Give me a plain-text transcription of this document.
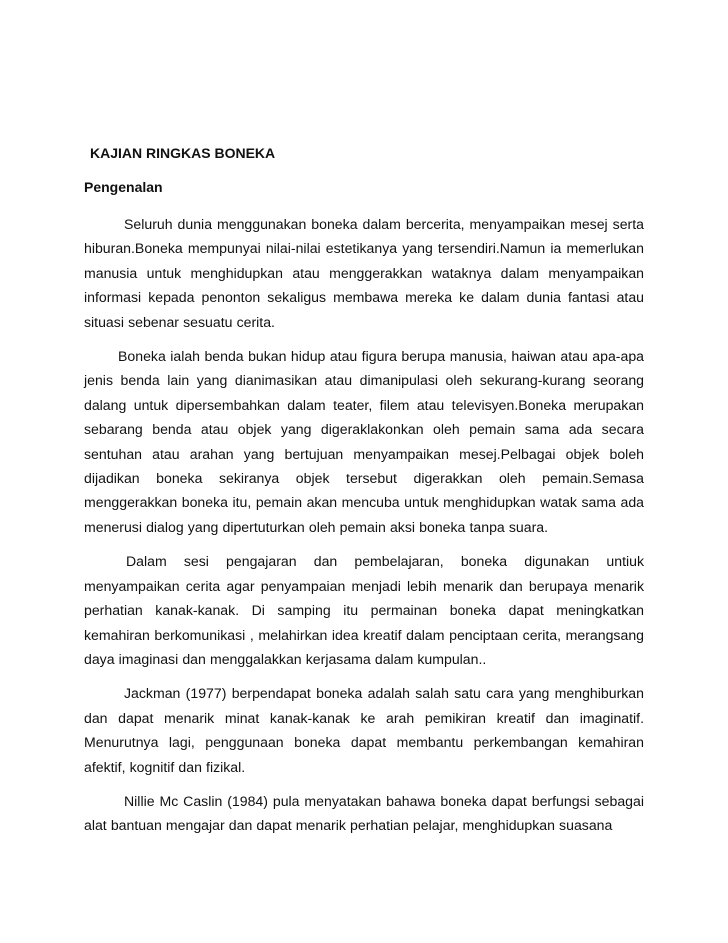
KAJIAN RINGKAS BONEKA
Pengenalan

Seluruh dunia menggunakan boneka dalam bercerita, menyampaikan mesej serta hiburan.Boneka mempunyai nilai-nilai estetikanya yang tersendiri.Namun ia memerlukan manusia untuk menghidupkan atau menggerakkan wataknya dalam menyampaikan informasi kepada penonton sekaligus membawa mereka ke dalam dunia fantasi atau situasi sebenar sesuatu cerita.

Boneka ialah benda bukan hidup atau figura berupa manusia, haiwan atau apa-apa jenis benda lain yang dianimasikan atau dimanipulasi oleh sekurang-kurang seorang dalang untuk dipersembahkan dalam teater, filem atau televisyen.Boneka merupakan sebarang benda atau objek yang digeraklakonkan oleh pemain sama ada secara sentuhan atau arahan yang bertujuan menyampaikan mesej.Pelbagai objek boleh dijadikan boneka sekiranya objek tersebut digerakkan oleh pemain.Semasa menggerakkan boneka itu, pemain akan mencuba untuk menghidupkan watak sama ada menerusi dialog yang dipertuturkan oleh pemain aksi boneka tanpa suara.

Dalam sesi pengajaran dan pembelajaran, boneka digunakan untiuk menyampaikan cerita agar penyampaian menjadi lebih menarik dan berupaya menarik perhatian kanak-kanak. Di samping itu permainan boneka dapat meningkatkan kemahiran berkomunikasi , melahirkan idea kreatif dalam penciptaan cerita, merangsang daya imaginasi dan menggalakkan kerjasama dalam kumpulan..

Jackman (1977) berpendapat boneka adalah salah satu cara yang menghiburkan dan dapat menarik minat kanak-kanak ke arah pemikiran kreatif dan imaginatif. Menurutnya lagi, penggunaan boneka dapat membantu perkembangan kemahiran afektif, kognitif dan fizikal.

Nillie Mc Caslin (1984) pula menyatakan bahawa boneka dapat berfungsi sebagai alat bantuan mengajar dan dapat menarik perhatian pelajar, menghidupkan suasana
